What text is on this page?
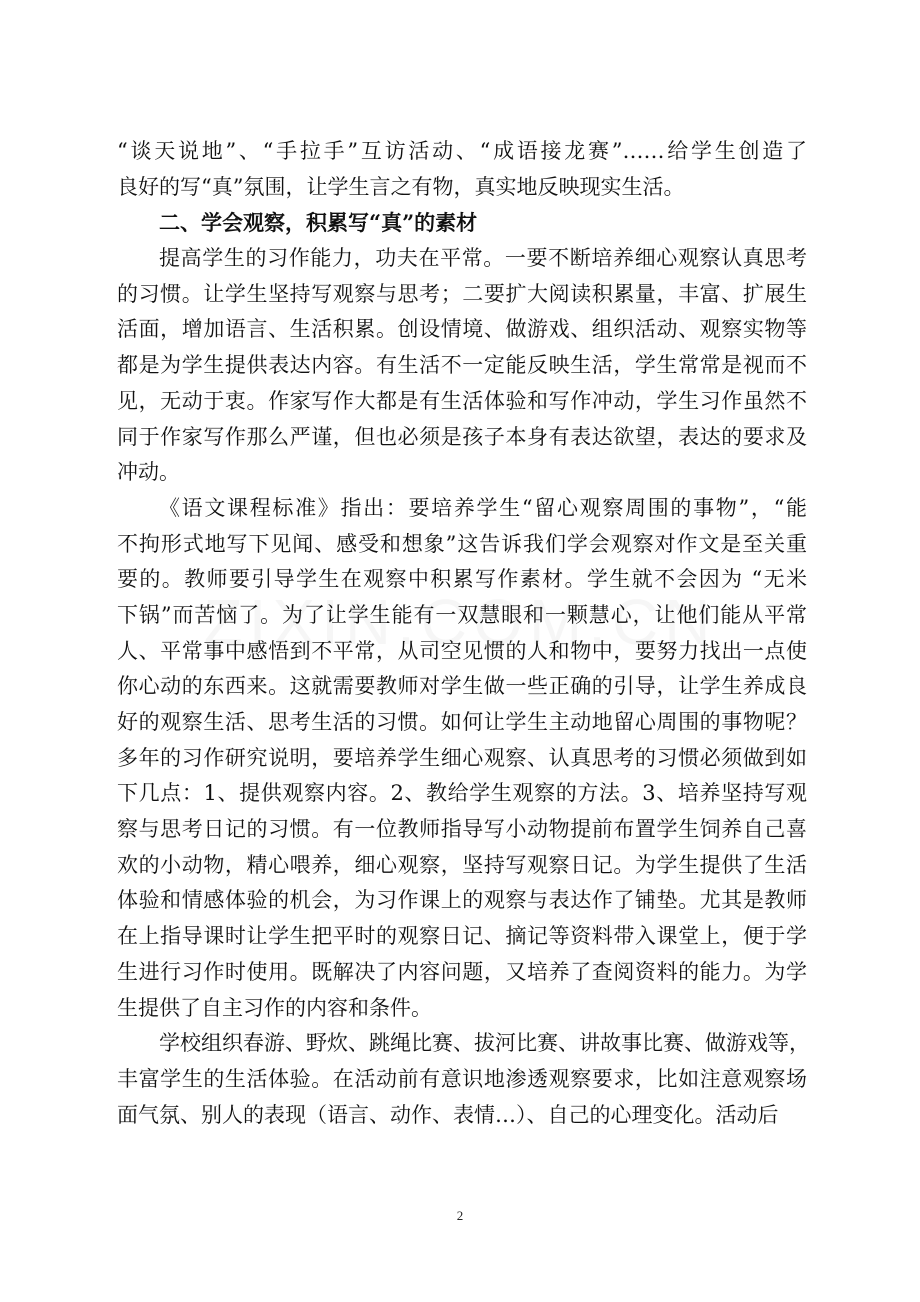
“谈天说地”、“手拉手”互访活动、“成语接龙赛”……给学生创造了
良好的写“真”氛围，让学生言之有物，真实地反映现实生活。
二、学会观察，积累写“真”的素材
提高学生的习作能力，功夫在平常。一要不断培养细心观察认真思考
的习惯。让学生坚持写观察与思考；二要扩大阅读积累量，丰富、扩展生
活面，增加语言、生活积累。创设情境、做游戏、组织活动、观察实物等
都是为学生提供表达内容。有生活不一定能反映生活，学生常常是视而不
见，无动于衷。作家写作大都是有生活体验和写作冲动，学生习作虽然不
同于作家写作那么严谨，但也必须是孩子本身有表达欲望，表达的要求及
冲动。
《语文课程标准》指出：要培养学生“留心观察周围的事物”，“能
不拘形式地写下见闻、感受和想象”这告诉我们学会观察对作文是至关重
要的。教师要引导学生在观察中积累写作素材。学生就不会因为 “无米
下锅”而苦恼了。为了让学生能有一双慧眼和一颗慧心，让他们能从平常
人、平常事中感悟到不平常，从司空见惯的人和物中，要努力找出一点使
你心动的东西来。这就需要教师对学生做一些正确的引导，让学生养成良
好的观察生活、思考生活的习惯。如何让学生主动地留心周围的事物呢？
多年的习作研究说明，要培养学生细心观察、认真思考的习惯必须做到如
下几点：1、提供观察内容。2、教给学生观察的方法。3、培养坚持写观
察与思考日记的习惯。有一位教师指导写小动物提前布置学生饲养自己喜
欢的小动物，精心喂养，细心观察，坚持写观察日记。为学生提供了生活
体验和情感体验的机会，为习作课上的观察与表达作了铺垫。尤其是教师
在上指导课时让学生把平时的观察日记、摘记等资料带入课堂上，便于学
生进行习作时使用。既解决了内容问题，又培养了查阅资料的能力。为学
生提供了自主习作的内容和条件。
学校组织春游、野炊、跳绳比赛、拔河比赛、讲故事比赛、做游戏等，
丰富学生的生活体验。在活动前有意识地渗透观察要求，比如注意观察场
面气氛、别人的表现（语言、动作、表情…）、自己的心理变化。活动后
2
